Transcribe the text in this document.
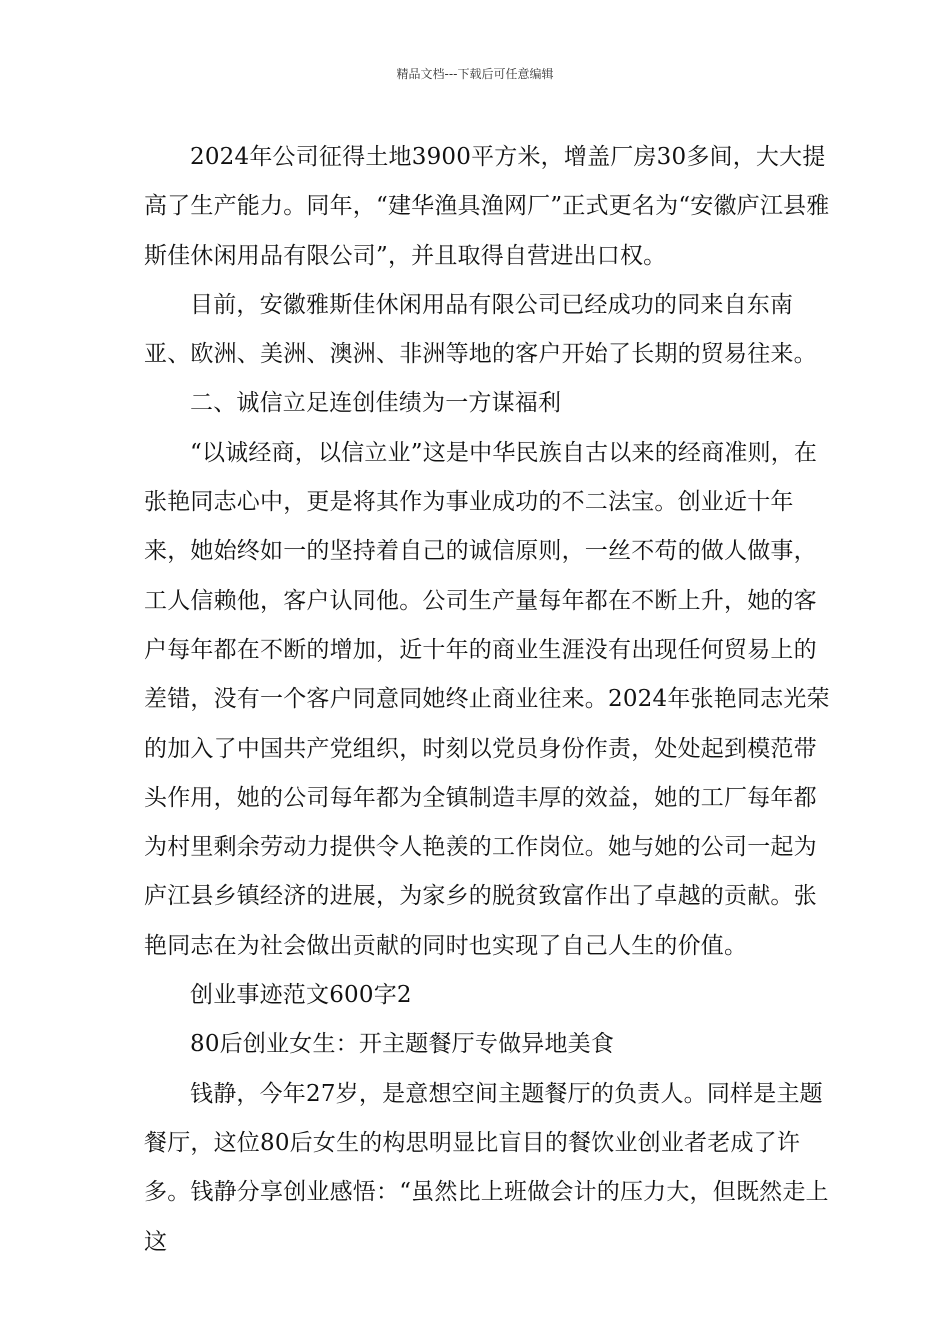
精品文档---下载后可任意编辑

2024年公司征得土地3900平方米，增盖厂房30多间，大大提高了生产能力。同年，“建华渔具渔网厂”正式更名为“安徽庐江县雅斯佳休闲用品有限公司”，并且取得自营进出口权。

目前，安徽雅斯佳休闲用品有限公司已经成功的同来自东南亚、欧洲、美洲、澳洲、非洲等地的客户开始了长期的贸易往来。

二、诚信立足连创佳绩为一方谋福利

“以诚经商，以信立业”这是中华民族自古以来的经商准则，在张艳同志心中，更是将其作为事业成功的不二法宝。创业近十年来，她始终如一的坚持着自己的诚信原则，一丝不苟的做人做事，工人信赖他，客户认同他。公司生产量每年都在不断上升，她的客户每年都在不断的增加，近十年的商业生涯没有出现任何贸易上的差错，没有一个客户同意同她终止商业往来。2024年张艳同志光荣的加入了中国共产党组织，时刻以党员身份作责，处处起到模范带头作用，她的公司每年都为全镇制造丰厚的效益，她的工厂每年都为村里剩余劳动力提供令人艳羡的工作岗位。她与她的公司一起为庐江县乡镇经济的进展，为家乡的脱贫致富作出了卓越的贡献。张艳同志在为社会做出贡献的同时也实现了自己人生的价值。

创业事迹范文600字2

80后创业女生：开主题餐厅专做异地美食

钱静，今年27岁，是意想空间主题餐厅的负责人。同样是主题餐厅，这位80后女生的构思明显比盲目的餐饮业创业者老成了许多。钱静分享创业感悟：“虽然比上班做会计的压力大，但既然走上这
